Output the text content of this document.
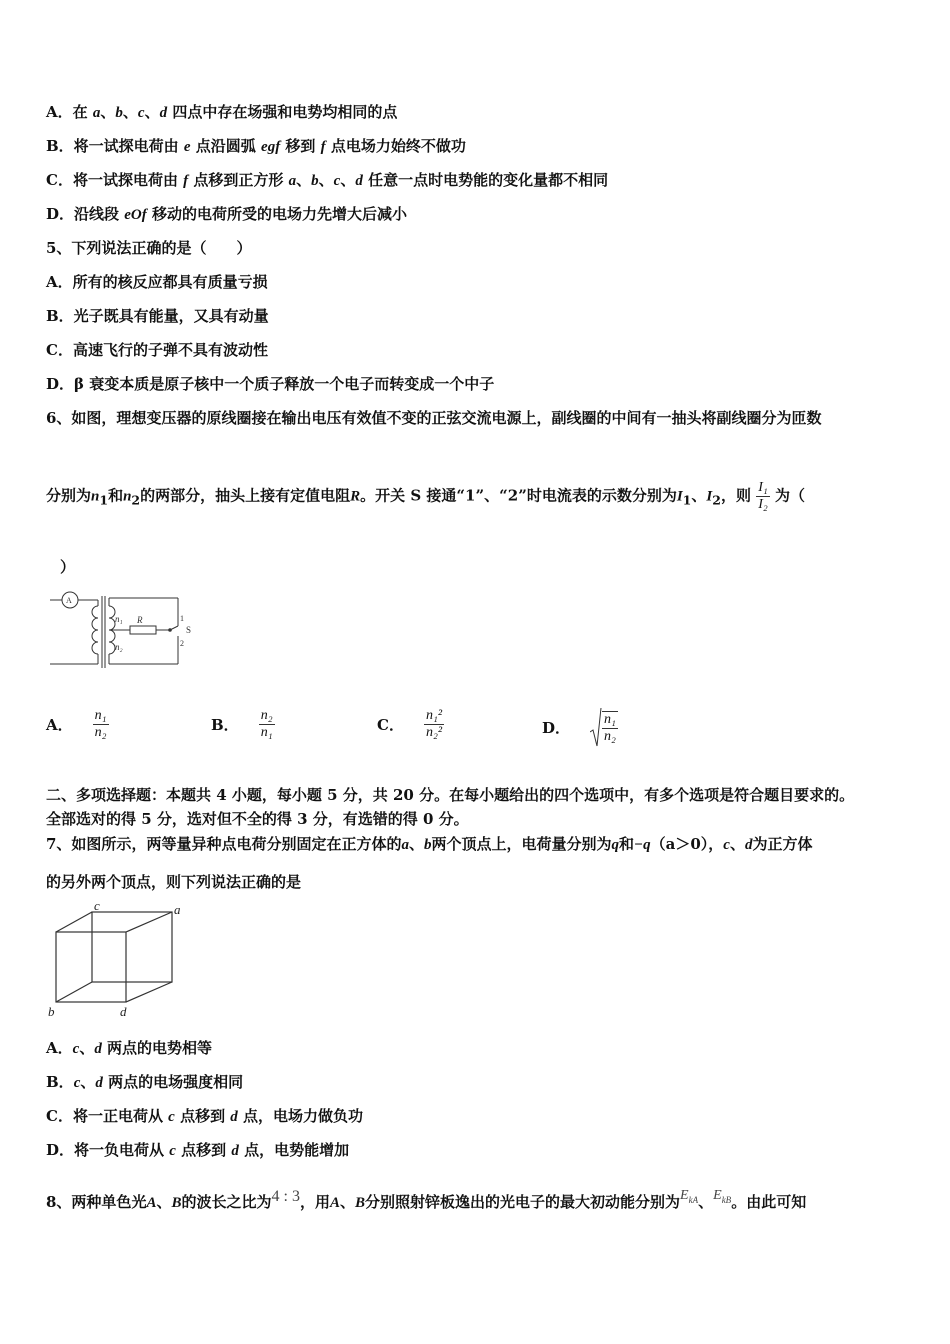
A．在 a、b、c、d 四点中存在场强和电势均相同的点
B．将一试探电荷由 e 点沿圆弧 egf 移到 f 点电场力始终不做功
C．将一试探电荷由 f 点移到正方形 a、b、c、d 任意一点时电势能的变化量都不相同
D．沿线段 eOf 移动的电荷所受的电场力先增大后减小
5、下列说法正确的是（　　）
A．所有的核反应都具有质量亏损
B．光子既具有能量，又具有动量
C．高速飞行的子弹不具有波动性
D．β 衰变本质是原子核中一个质子释放一个电子而转变成一个中子
6、如图，理想变压器的原线圈接在输出电压有效值不变的正弦交流电源上，副线圈的中间有一抽头将副线圈分为匝数
分别为$n_1$和$n_2$的两部分，抽头上接有定值电阻R。开关 S 接通“1”、“2”时电流表的示数分别为$I_1$、$I_2$，则 $\frac{\text{I₁}}{\text{I₂}}$ 为（
）
A
n₁ R
n₂
S
1
2
A． $\frac{\text{n₁}}{\text{n₂}}$	B． $\frac{\text{n₂}}{\text{n₁}}$	C． $\frac{\text{n₁²}}{\text{n₂²}}$	D． $\frac{\text{n₁}}{\text{n₂}}$
二、多项选择题：本题共 4 小题，每小题 5 分，共 20 分。在每小题给出的四个选项中，有多个选项是符合题目要求的。
全部选对的得 5 分，选对但不全的得 3 分，有选错的得 0 分。
7、如图所示，两等量异种点电荷分别固定在正方体的a、b两个顶点上，电荷量分别为q和−q（a＞0），c、d为正方体
的另外两个顶点，则下列说法正确的是
c	a
b	d
A．c、d 两点的电势相等
B．c、d 两点的电场强度相同
C．将一正电荷从 c 点移到 d 点，电场力做负功
D．将一负电荷从 c 点移到 d 点，电势能增加
8、两种单色光A、B的波长之比为4 : 3，用A、B分别照射锌板逸出的光电子的最大初动能分别为$E_{kA}$、$E_{kB}$。由此可知
